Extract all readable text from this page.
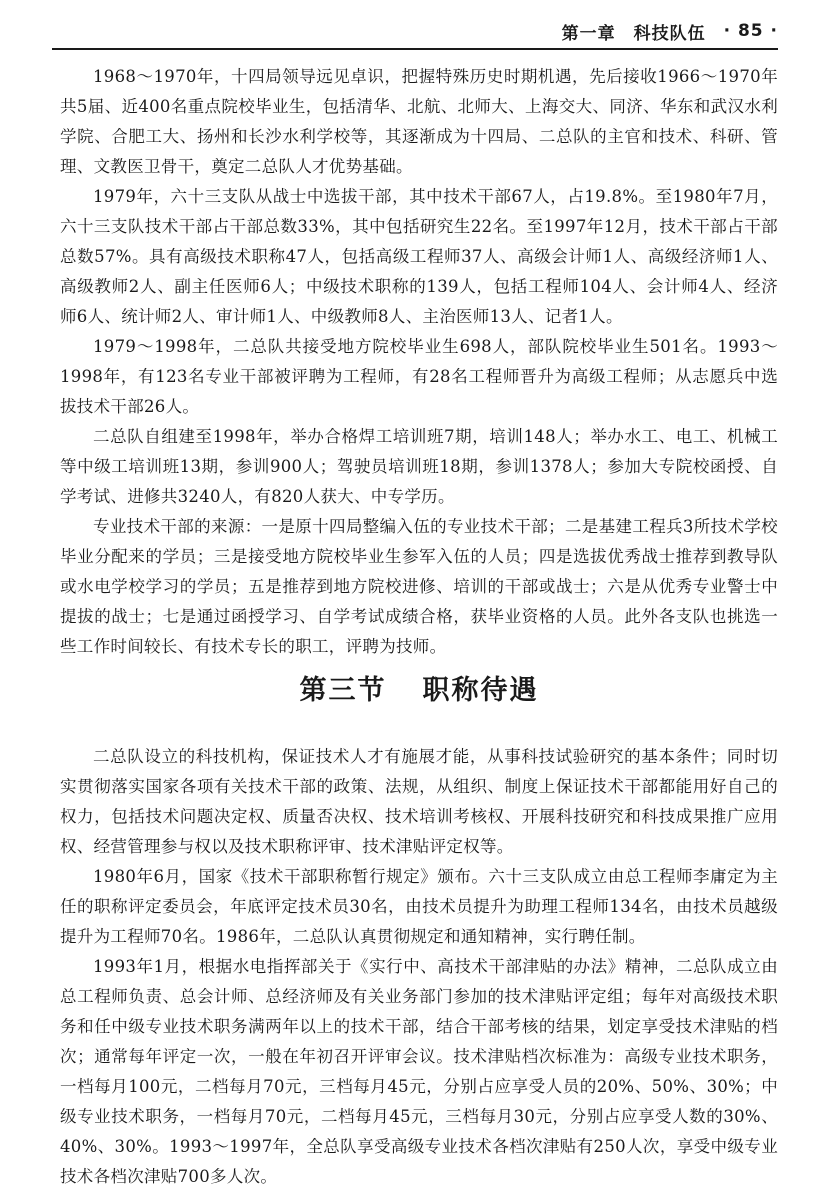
第一章 科技队伍 · 85 ·

1968～1970年，十四局领导远见卓识，把握特殊历史时期机遇，先后接收1966～1970年共5届、近400名重点院校毕业生，包括清华、北航、北师大、上海交大、同济、华东和武汉水利学院、合肥工大、扬州和长沙水利学校等，其逐渐成为十四局、二总队的主官和技术、科研、管理、文教医卫骨干，奠定二总队人才优势基础。

1979年，六十三支队从战士中选拔干部，其中技术干部67人，占19.8%。至1980年7月，六十三支队技术干部占干部总数33%，其中包括研究生22名。至1997年12月，技术干部占干部总数57%。具有高级技术职称47人，包括高级工程师37人、高级会计师1人、高级经济师1人、高级教师2人、副主任医师6人；中级技术职称的139人，包括工程师104人、会计师4人、经济师6人、统计师2人、审计师1人、中级教师8人、主治医师13人、记者1人。

1979～1998年，二总队共接受地方院校毕业生698人，部队院校毕业生501名。1993～1998年，有123名专业干部被评聘为工程师，有28名工程师晋升为高级工程师；从志愿兵中选拔技术干部26人。

二总队自组建至1998年，举办合格焊工培训班7期，培训148人；举办水工、电工、机械工等中级工培训班13期，参训900人；驾驶员培训班18期，参训1378人；参加大专院校函授、自学考试、进修共3240人，有820人获大、中专学历。

专业技术干部的来源：一是原十四局整编入伍的专业技术干部；二是基建工程兵3所技术学校毕业分配来的学员；三是接受地方院校毕业生参军入伍的人员；四是选拔优秀战士推荐到教导队或水电学校学习的学员；五是推荐到地方院校进修、培训的干部或战士；六是从优秀专业警士中提拔的战士；七是通过函授学习、自学考试成绩合格，获毕业资格的人员。此外各支队也挑选一些工作时间较长、有技术专长的职工，评聘为技师。

第三节 职称待遇

二总队设立的科技机构，保证技术人才有施展才能，从事科技试验研究的基本条件；同时切实贯彻落实国家各项有关技术干部的政策、法规，从组织、制度上保证技术干部都能用好自己的权力，包括技术问题决定权、质量否决权、技术培训考核权、开展科技研究和科技成果推广应用权、经营管理参与权以及技术职称评审、技术津贴评定权等。

1980年6月，国家《技术干部职称暂行规定》颁布。六十三支队成立由总工程师李庸定为主任的职称评定委员会，年底评定技术员30名，由技术员提升为助理工程师134名，由技术员越级提升为工程师70名。1986年，二总队认真贯彻规定和通知精神，实行聘任制。

1993年1月，根据水电指挥部关于《实行中、高技术干部津贴的办法》精神，二总队成立由总工程师负责、总会计师、总经济师及有关业务部门参加的技术津贴评定组；每年对高级技术职务和任中级专业技术职务满两年以上的技术干部，结合干部考核的结果，划定享受技术津贴的档次；通常每年评定一次，一般在年初召开评审会议。技术津贴档次标准为：高级专业技术职务，一档每月100元，二档每月70元，三档每月45元，分别占应享受人员的20%、50%、30%；中级专业技术职务，一档每月70元，二档每月45元，三档每月30元，分别占应享受人数的30%、40%、30%。1993～1997年，全总队享受高级专业技术各档次津贴有250人次，享受中级专业技术各档次津贴700多人次。
